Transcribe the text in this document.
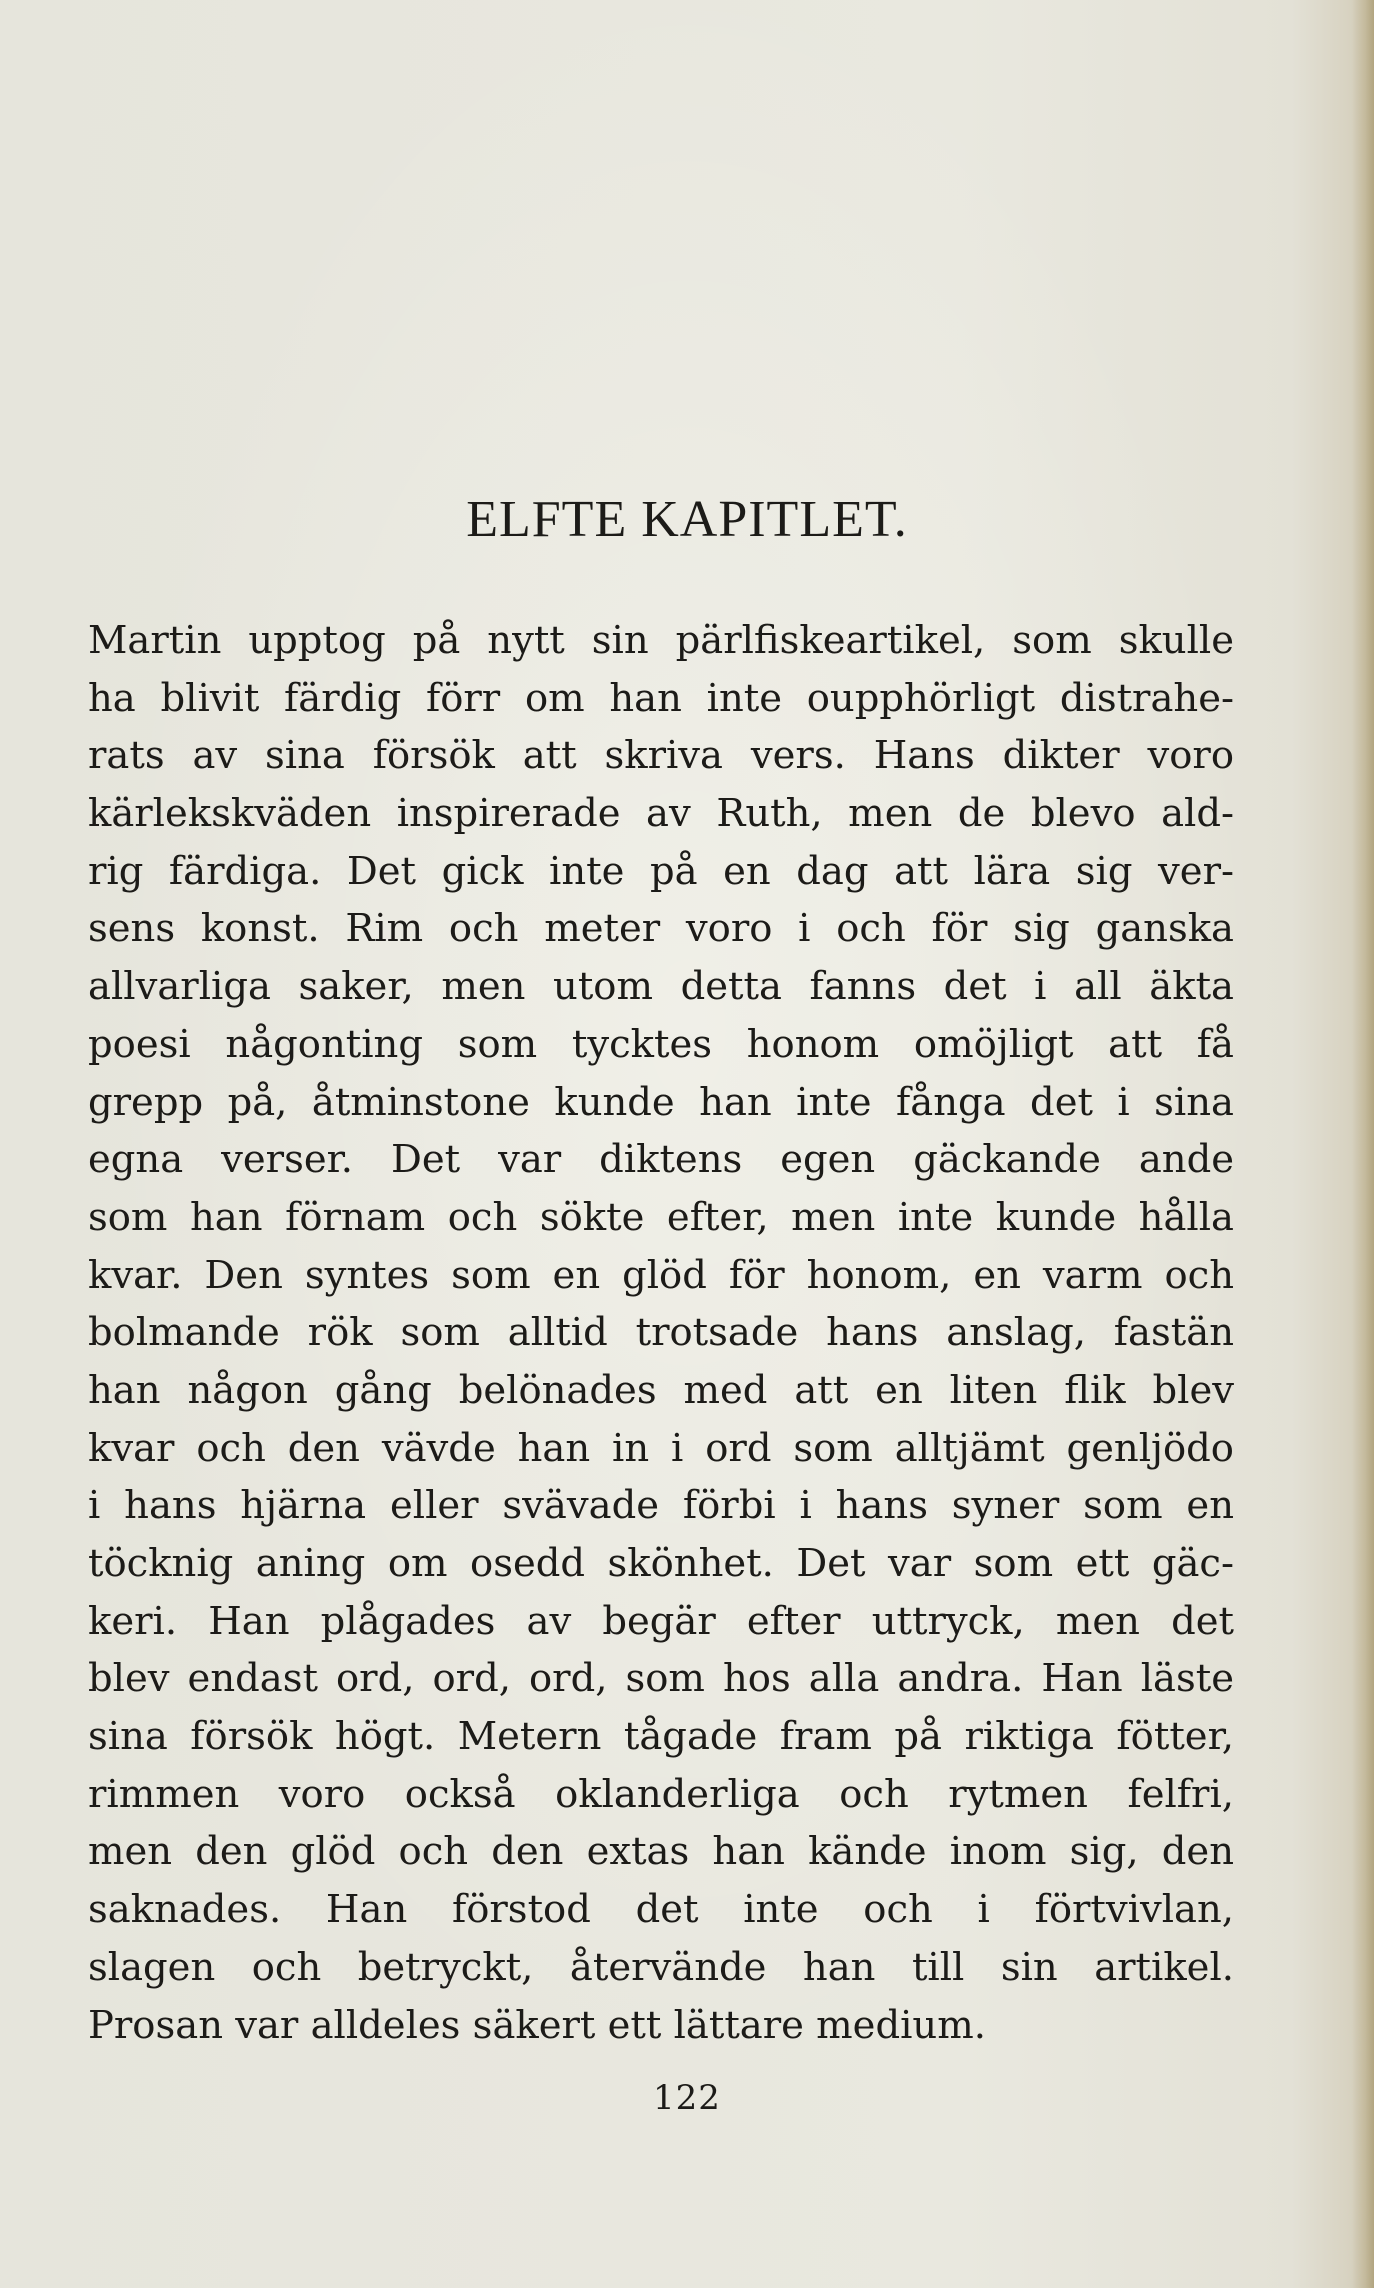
ELFTE KAPITLET.
Martin upptog på nytt sin pärlfiskeartikel, som skulle
ha blivit färdig förr om han inte oupphörligt distrahe-
rats av sina försök att skriva vers. Hans dikter voro
kärlekskväden inspirerade av Ruth, men de blevo ald-
rig färdiga. Det gick inte på en dag att lära sig ver-
sens konst. Rim och meter voro i och för sig ganska
allvarliga saker, men utom detta fanns det i all äkta
poesi någonting som tycktes honom omöjligt att få
grepp på, åtminstone kunde han inte fånga det i sina
egna verser. Det var diktens egen gäckande ande
som han förnam och sökte efter, men inte kunde hålla
kvar. Den syntes som en glöd för honom, en varm och
bolmande rök som alltid trotsade hans anslag, fastän
han någon gång belönades med att en liten flik blev
kvar och den vävde han in i ord som alltjämt genljödo
i hans hjärna eller svävade förbi i hans syner som en
töcknig aning om osedd skönhet. Det var som ett gäc-
keri. Han plågades av begär efter uttryck, men det
blev endast ord, ord, ord, som hos alla andra. Han läste
sina försök högt. Metern tågade fram på riktiga fötter,
rimmen voro också oklanderliga och rytmen felfri,
men den glöd och den extas han kände inom sig, den
saknades. Han förstod det inte och i förtvivlan,
slagen och betryckt, återvände han till sin artikel.
Prosan var alldeles säkert ett lättare medium.
122
